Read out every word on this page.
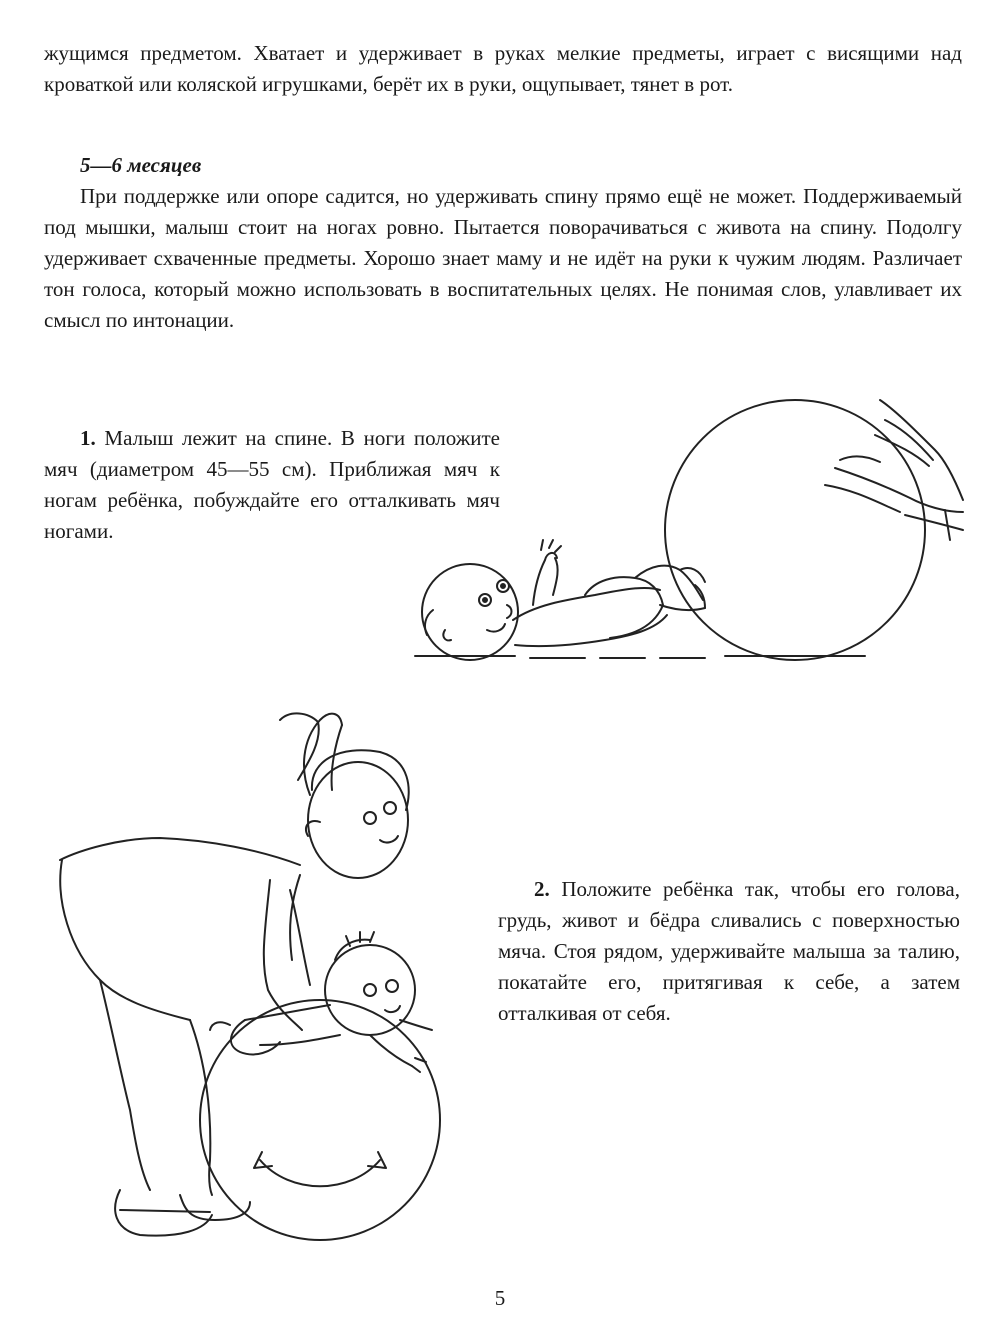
жущимся предметом. Хватает и удерживает в руках мелкие предметы, играет с висящими над кроваткой или коляской игрушками, берёт их в руки, ощупывает, тянет в рот.

5—6 месяцев

При поддержке или опоре садится, но удерживать спину прямо ещё не может. Поддерживаемый под мышки, малыш стоит на ногах ровно. Пытается поворачиваться с живота на спину. Подолгу удерживает схваченные предметы. Хорошо знает маму и не идёт на руки к чужим людям. Различает тон голоса, который можно использовать в воспитательных целях. Не понимая слов, улавливает их смысл по интонации.

1. Малыш лежит на спине. В ноги положите мяч (диаметром 45—55 см). Приближая мяч к ногам ребёнка, побуждайте его отталкивать мяч ногами.

2. Положите ребёнка так, чтобы его голова, грудь, живот и бёдра сливались с поверхностью мяча. Стоя рядом, удерживайте малыша за талию, покатайте его, притягивая к себе, а затем отталкивая от себя.

5
